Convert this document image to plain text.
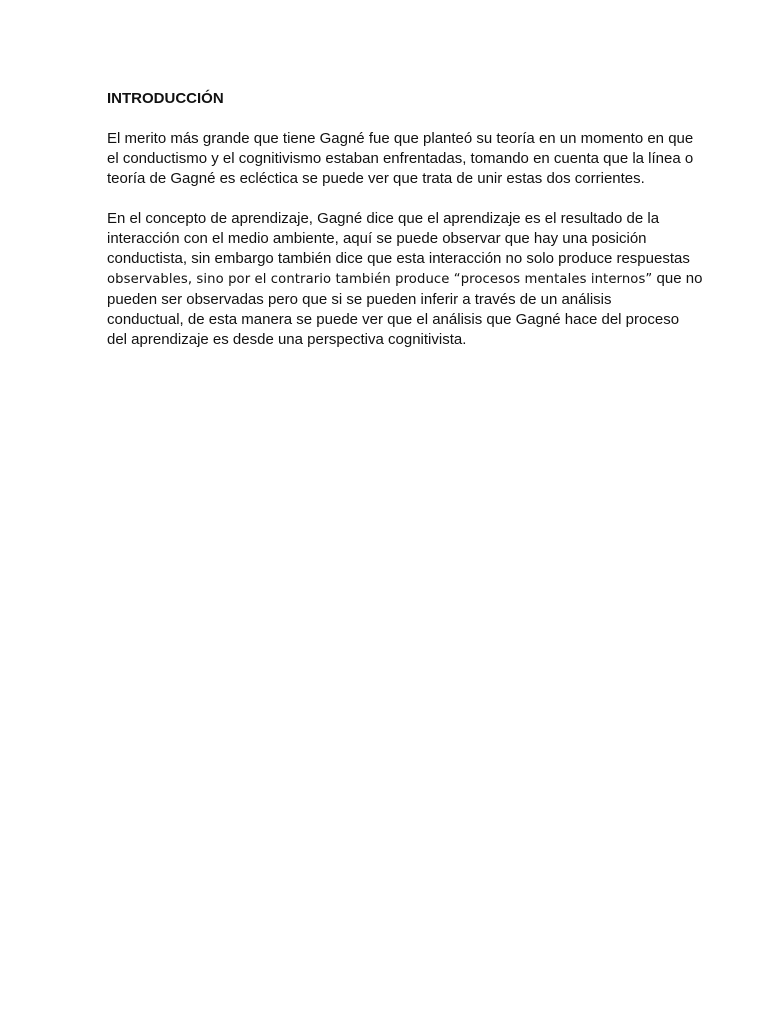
INTRODUCCIÓN
El merito más grande que tiene Gagné fue que planteó su teoría en un momento en que
el conductismo y el cognitivismo estaban enfrentadas, tomando en cuenta que la línea o
teoría de Gagné es ecléctica se puede ver que trata de unir estas dos corrientes.
En el concepto de aprendizaje, Gagné dice que el aprendizaje es el resultado de la
interacción con el medio ambiente, aquí se puede observar que hay una posición
conductista, sin embargo también dice que esta interacción no solo produce respuestas
observables, sino por el contrario también produce “procesos mentales internos” que no
pueden ser observadas pero que si se pueden inferir a través de un análisis
conductual, de esta manera se puede ver que el análisis que Gagné hace del proceso
del aprendizaje es desde una perspectiva cognitivista.
